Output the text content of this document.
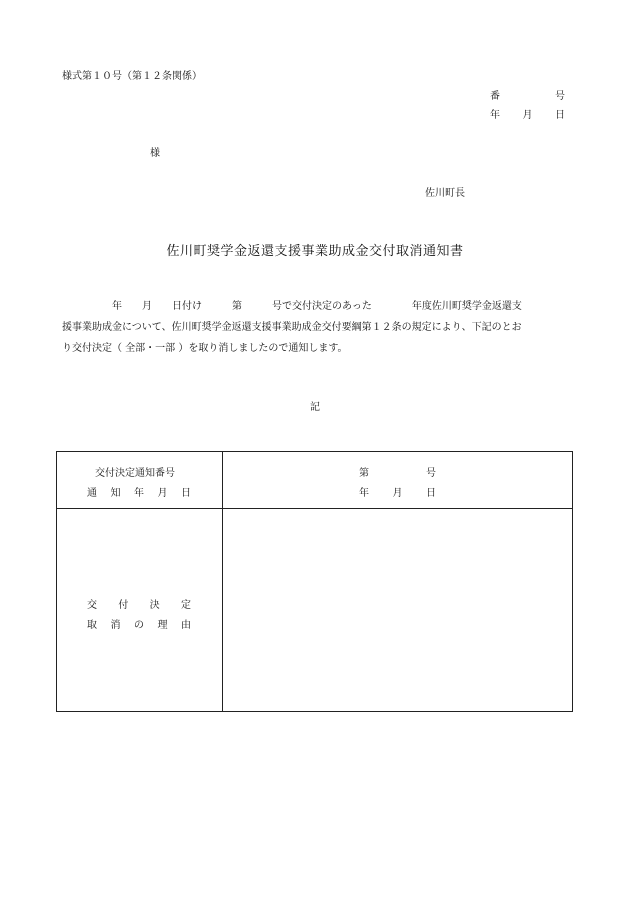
様式第１０号（第１２条関係）
番	号
年 月 日
様
佐川町長
佐川町奨学金返還支援事業助成金交付取消通知書
　　　　　年　　月　　日付け　　　第　　　号で交付決定のあった　　　　年度佐川町奨学金返還支
援事業助成金について、佐川町奨学金返還支援事業助成金交付要綱第１２条の規定により、下記のとお
り交付決定（ 全部・一部 ）を取り消しましたので通知します。
記
交付決定通知番号
通 知 年 月 日
第	号
年 月 日
交 付 決 定
取 消 の 理 由
